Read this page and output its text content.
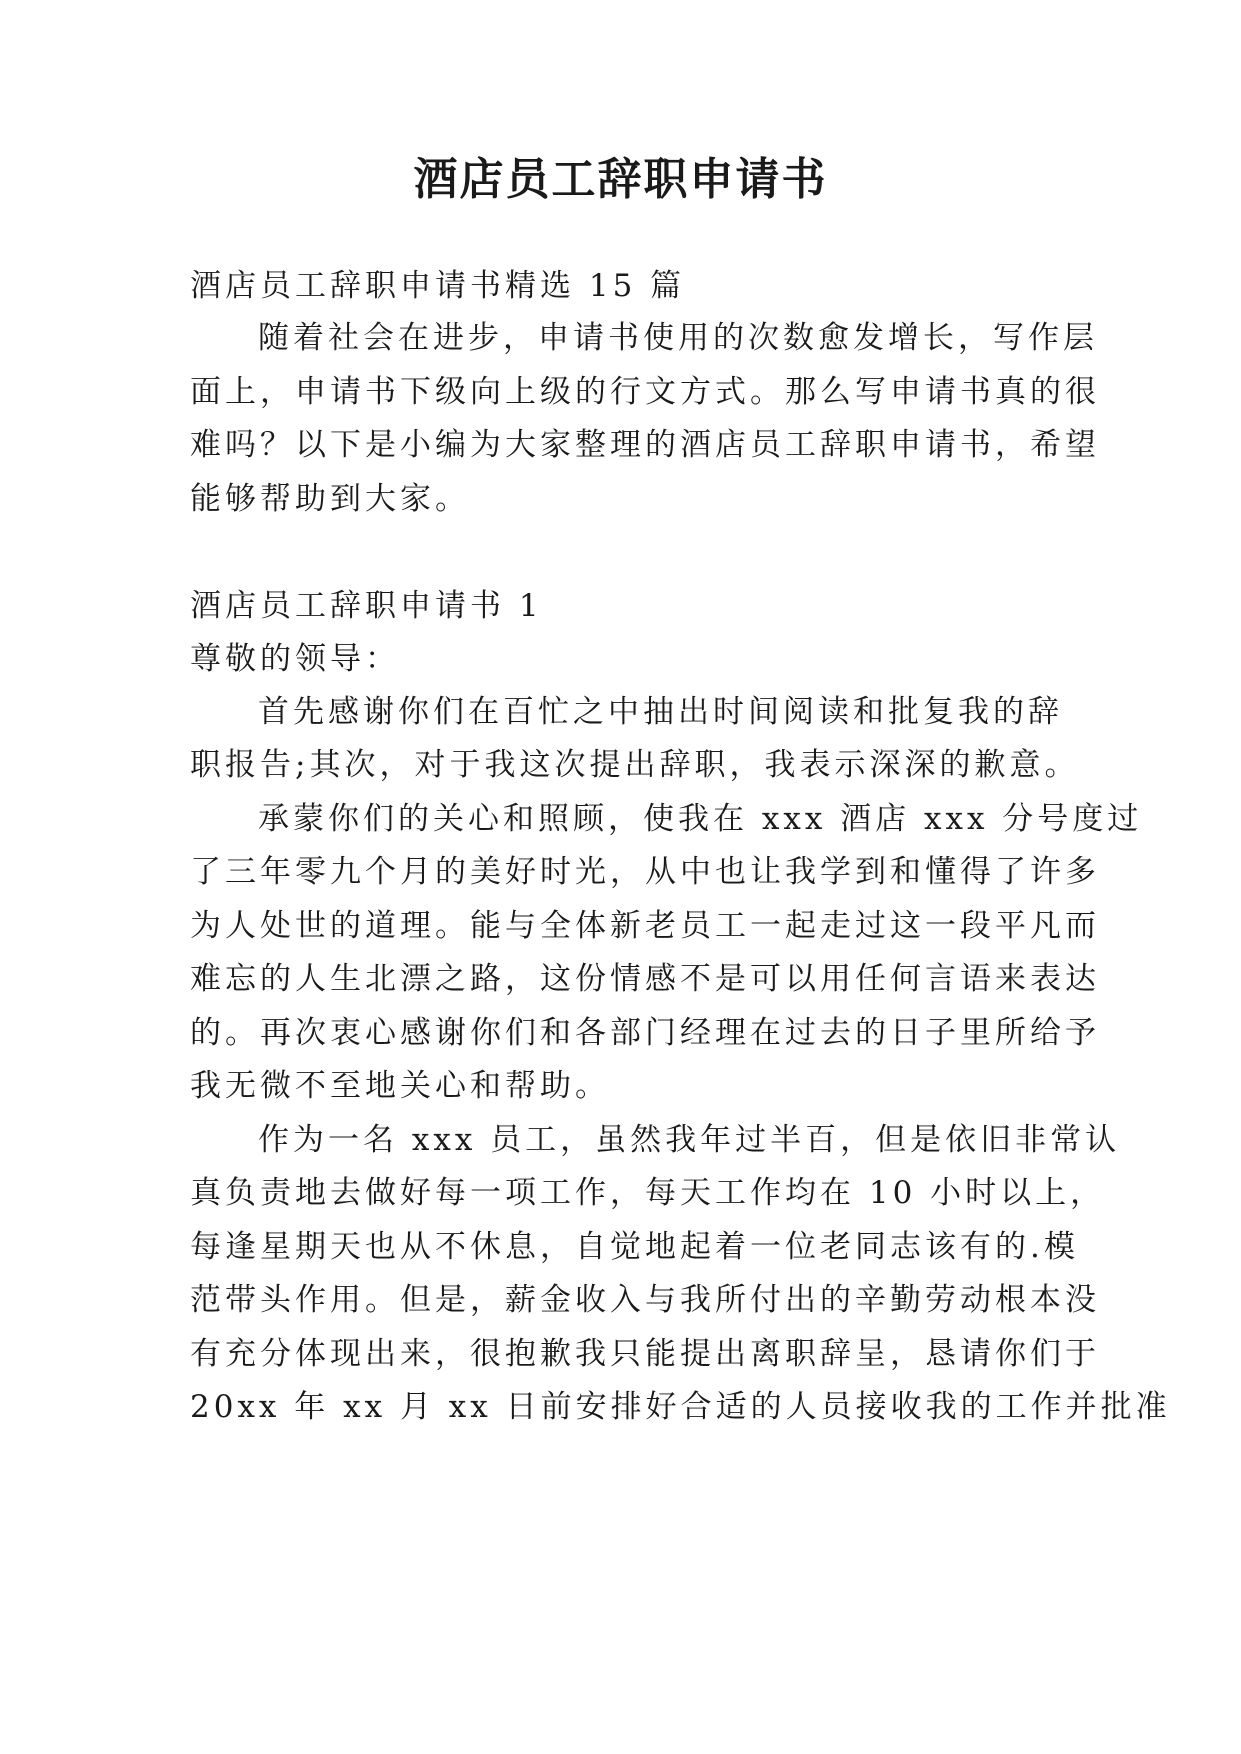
酒店员工辞职申请书
酒店员工辞职申请书精选 15 篇
随着社会在进步，申请书使用的次数愈发增长，写作层
面上，申请书下级向上级的行文方式。那么写申请书真的很
难吗？以下是小编为大家整理的酒店员工辞职申请书，希望
能够帮助到大家。
酒店员工辞职申请书 1
尊敬的领导：
首先感谢你们在百忙之中抽出时间阅读和批复我的辞
职报告;其次，对于我这次提出辞职，我表示深深的歉意。
承蒙你们的关心和照顾，使我在 xxx 酒店 xxx 分号度过
了三年零九个月的美好时光，从中也让我学到和懂得了许多
为人处世的道理。能与全体新老员工一起走过这一段平凡而
难忘的人生北漂之路，这份情感不是可以用任何言语来表达
的。再次衷心感谢你们和各部门经理在过去的日子里所给予
我无微不至地关心和帮助。
作为一名 xxx 员工，虽然我年过半百，但是依旧非常认
真负责地去做好每一项工作，每天工作均在 10 小时以上，
每逢星期天也从不休息，自觉地起着一位老同志该有的.模
范带头作用。但是，薪金收入与我所付出的辛勤劳动根本没
有充分体现出来，很抱歉我只能提出离职辞呈，恳请你们于
20xx 年 xx 月 xx 日前安排好合适的人员接收我的工作并批准
